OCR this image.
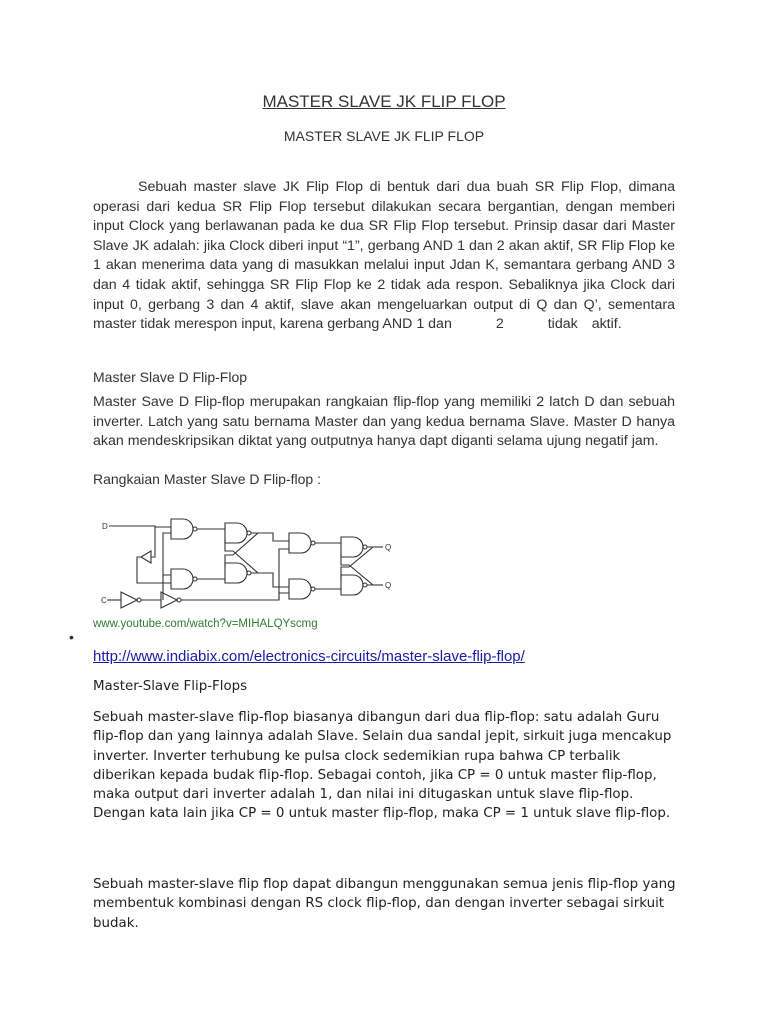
MASTER SLAVE JK FLIP FLOP
MASTER SLAVE JK FLIP FLOP
Sebuah master slave JK Flip Flop di bentuk dari dua buah SR Flip Flop, dimana operasi dari kedua SR Flip Flop tersebut dilakukan secara bergantian, dengan memberi input Clock yang berlawanan pada ke dua SR Flip Flop tersebut. Prinsip dasar dari Master Slave JK adalah: jika Clock diberi input “1”, gerbang AND 1 dan 2 akan aktif, SR Flip Flop ke 1 akan menerima data yang di masukkan melalui input Jdan K, semantara gerbang AND 3 dan 4 tidak aktif, sehingga SR Flip Flop ke 2 tidak ada respon. Sebaliknya jika Clock dari input 0, gerbang 3 dan 4 aktif, slave akan mengeluarkan output di Q dan Q’, sementara master tidak merespon input, karena gerbang AND 1 dan	2	tidak aktif.
Master Slave D Flip-Flop
Master Save D Flip-flop merupakan rangkaian flip-flop yang memiliki 2 latch D dan sebuah inverter. Latch yang satu bernama Master dan yang kedua bernama Slave. Master D hanya akan mendeskripsikan diktat yang outputnya hanya dapt diganti selama ujung negatif jam.
Rangkaian Master Slave D Flip-flop :
D
C
Q
Q
www.youtube.com/watch?v=MIHALQYscmg
•
http://www.indiabix.com/electronics-circuits/master-slave-flip-flop/
Master-Slave Flip-Flops
Sebuah master-slave flip-flop biasanya dibangun dari dua flip-flop: satu adalah Guru flip-flop dan yang lainnya adalah Slave. Selain dua sandal jepit, sirkuit juga mencakup inverter. Inverter terhubung ke pulsa clock sedemikian rupa bahwa CP terbalik diberikan kepada budak flip-flop. Sebagai contoh, jika CP = 0 untuk master flip-flop, maka output dari inverter adalah 1, dan nilai ini ditugaskan untuk slave flip-flop. Dengan kata lain jika CP = 0 untuk master flip-flop, maka CP = 1 untuk slave flip-flop.
Sebuah master-slave flip flop dapat dibangun menggunakan semua jenis flip-flop yang membentuk kombinasi dengan RS clock flip-flop, dan dengan inverter sebagai sirkuit budak.
